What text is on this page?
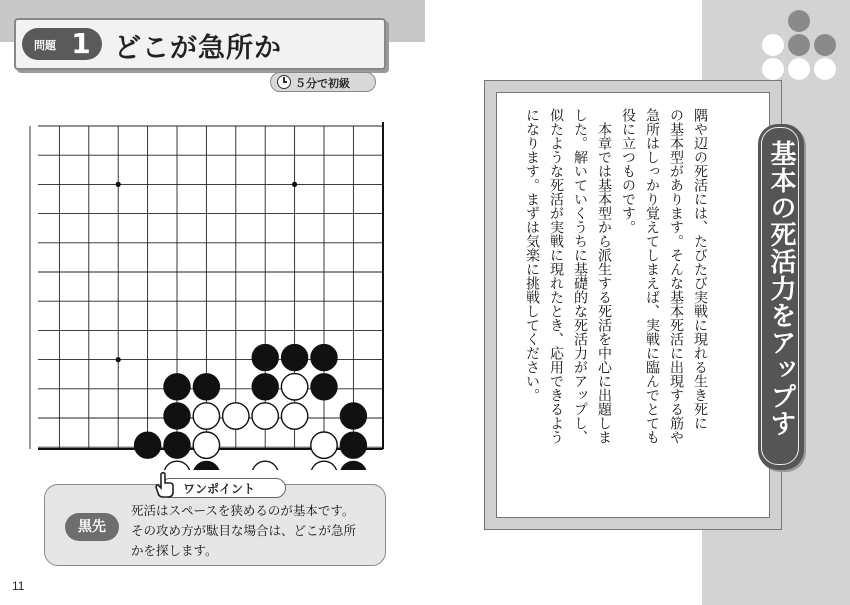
問題 1 どこが急所か
５分で初級
黒先
死活はスペースを狭めるのが基本です。
その攻め方が駄目な場合は、どこが急所
かを探します。
ワンポイント
11
隅や辺の死活には、たびたび実戦に現れる生き死に
の基本型があります。そんな基本死活に出現する筋や
急所はしっかり覚えてしまえば、実戦に臨んでとても
役に立つものです。
　本章では基本型から派生する死活を中心に出題しま
した。解いていくうちに基礎的な死活力がアップし、
似たような死活が実戦に現れたとき、応用できるよう
になります。まずは気楽に挑戦してください。	基本の死活力をアップする
